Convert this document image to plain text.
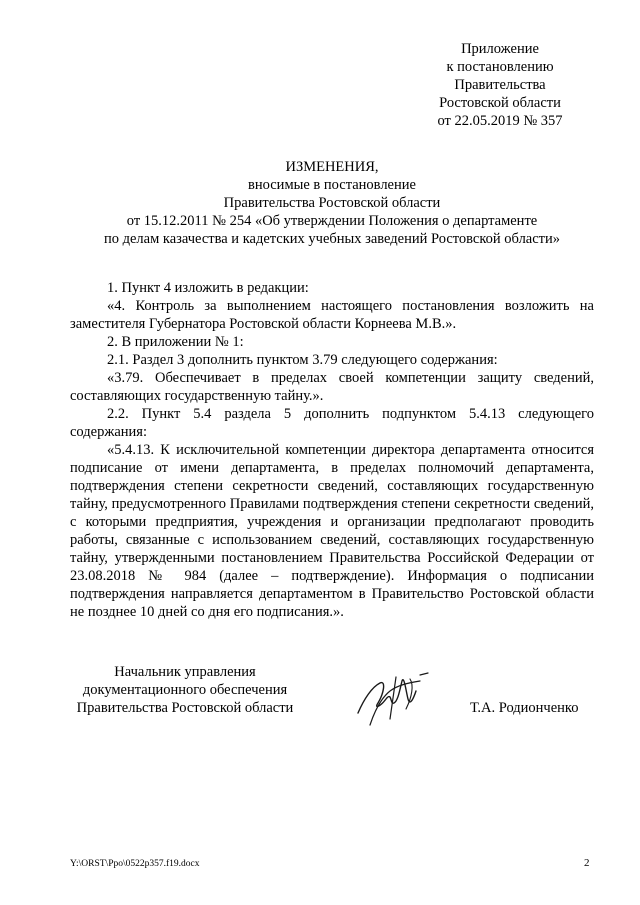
Приложение
к постановлению
Правительства
Ростовской области
от 22.05.2019 № 357
ИЗМЕНЕНИЯ,
вносимые в постановление
Правительства Ростовской области
от 15.12.2011 № 254 «Об утверждении Положения о департаменте
по делам казачества и кадетских учебных заведений Ростовской области»

1. Пункт 4 изложить в редакции:

«4. Контроль за выполнением настоящего постановления возложить на заместителя Губернатора Ростовской области Корнеева М.В.».

2. В приложении № 1:

2.1. Раздел 3 дополнить пунктом 3.79 следующего содержания:

«3.79. Обеспечивает в пределах своей компетенции защиту сведений, составляющих государственную тайну.».

2.2. Пункт 5.4 раздела 5 дополнить подпунктом 5.4.13 следующего содержания:

«5.4.13. К исключительной компетенции директора департамента относится подписание от имени департамента, в пределах полномочий департамента, подтверждения степени секретности сведений, составляющих государственную тайну, предусмотренного Правилами подтверждения степени секретности сведений, с которыми предприятия, учреждения и организации предполагают проводить работы, связанные с использованием сведений, составляющих государственную тайну, утвержденными постановлением Правительства Российской Федерации от 23.08.2018 № 984 (далее – подтверждение). Информация о подписании подтверждения направляется департаментом в Правительство Ростовской области не позднее 10 дней со дня его подписания.».

Начальник управления
документационного обеспечения
Правительства Ростовской области	Т.А. Родионченко
Y:\ORST\Ppo\0522p357.f19.docx	2
